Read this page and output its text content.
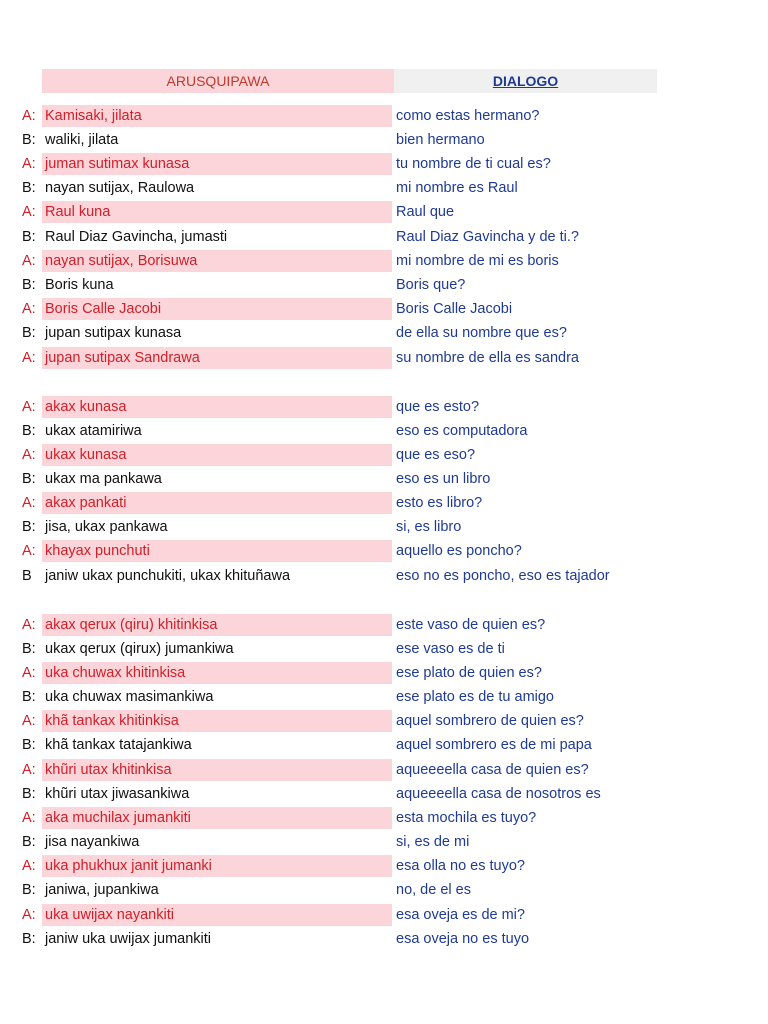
ARUSQUIPAWA	DIALOGO
A: Kamisaki, jilata	como estas hermano?
B: waliki, jilata	bien hermano
A: juman sutimax kunasa	tu nombre de ti cual es?
B: nayan sutijax, Raulowa	mi nombre es Raul
A: Raul kuna	Raul que
B: Raul Diaz Gavincha, jumasti	Raul Diaz Gavincha y de ti.?
A: nayan sutijax, Borisuwa	mi nombre de mi es boris
B: Boris kuna	Boris que?
A: Boris Calle Jacobi	Boris Calle Jacobi
B: jupan sutipax kunasa	de ella su nombre que es?
A: jupan sutipax Sandrawa	su nombre de ella es sandra
A: akax kunasa	que es esto?
B: ukax atamiriwa	eso es computadora
A: ukax kunasa	que es eso?
B: ukax ma pankawa	eso es un libro
A: akax pankati	esto es libro?
B: jisa, ukax pankawa	si, es libro
A: khayax punchuti	aquello es poncho?
B janiw ukax punchukiti, ukax khituñawa	eso no es poncho, eso es tajador
A: akax qerux (qiru) khitinkisa	este vaso de quien es?
B: ukax qerux (qirux) jumankiwa	ese vaso es de ti
A: uka chuwax khitinkisa	ese plato de quien es?
B: uka chuwax masimankiwa	ese plato es de tu amigo
A: khã tankax khitinkisa	aquel sombrero de quien es?
B: khã tankax tatajankiwa	aquel sombrero es de mi papa
A: khũri utax khitinkisa	aqueeeella casa de quien es?
B: khũri utax jiwasankiwa	aqueeeella casa de nosotros es
A: aka muchilax jumankiti	esta mochila es tuyo?
B: jisa nayankiwa	si, es de mi
A: uka phukhux janit jumanki	esa olla no es tuyo?
B: janiwa, jupankiwa	no, de el es
A: uka uwijax nayankiti	esa oveja es de mi?
B: janiw uka uwijax jumankiti	esa oveja no es tuyo
